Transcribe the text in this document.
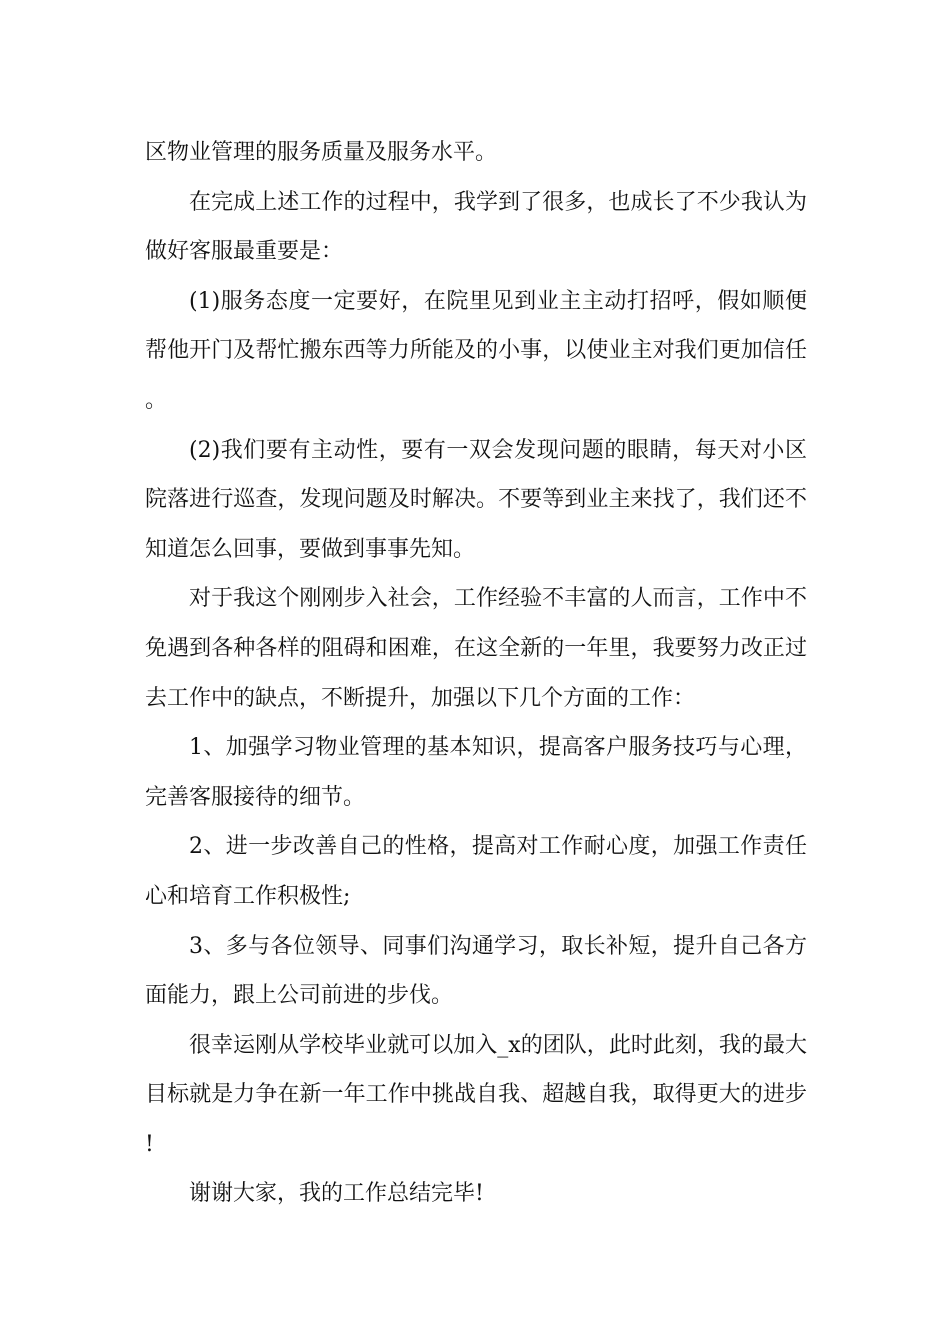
区物业管理的服务质量及服务水平。

在完成上述工作的过程中，我学到了很多，也成长了不少我认为做好客服最重要是：

(1)服务态度一定要好，在院里见到业主主动打招呼，假如顺便帮他开门及帮忙搬东西等力所能及的小事，以使业主对我们更加信任。

(2)我们要有主动性，要有一双会发现问题的眼睛，每天对小区院落进行巡查，发现问题及时解决。不要等到业主来找了，我们还不知道怎么回事，要做到事事先知。

对于我这个刚刚步入社会，工作经验不丰富的人而言，工作中不免遇到各种各样的阻碍和困难，在这全新的一年里，我要努力改正过去工作中的缺点，不断提升，加强以下几个方面的工作：

1、加强学习物业管理的基本知识，提高客户服务技巧与心理，完善客服接待的细节。

2、进一步改善自己的性格，提高对工作耐心度，加强工作责任心和培育工作积极性;

3、多与各位领导、同事们沟通学习，取长补短，提升自己各方面能力，跟上公司前进的步伐。

很幸运刚从学校毕业就可以加入_x的团队，此时此刻，我的最大目标就是力争在新一年工作中挑战自我、超越自我，取得更大的进步!

谢谢大家，我的工作总结完毕!
